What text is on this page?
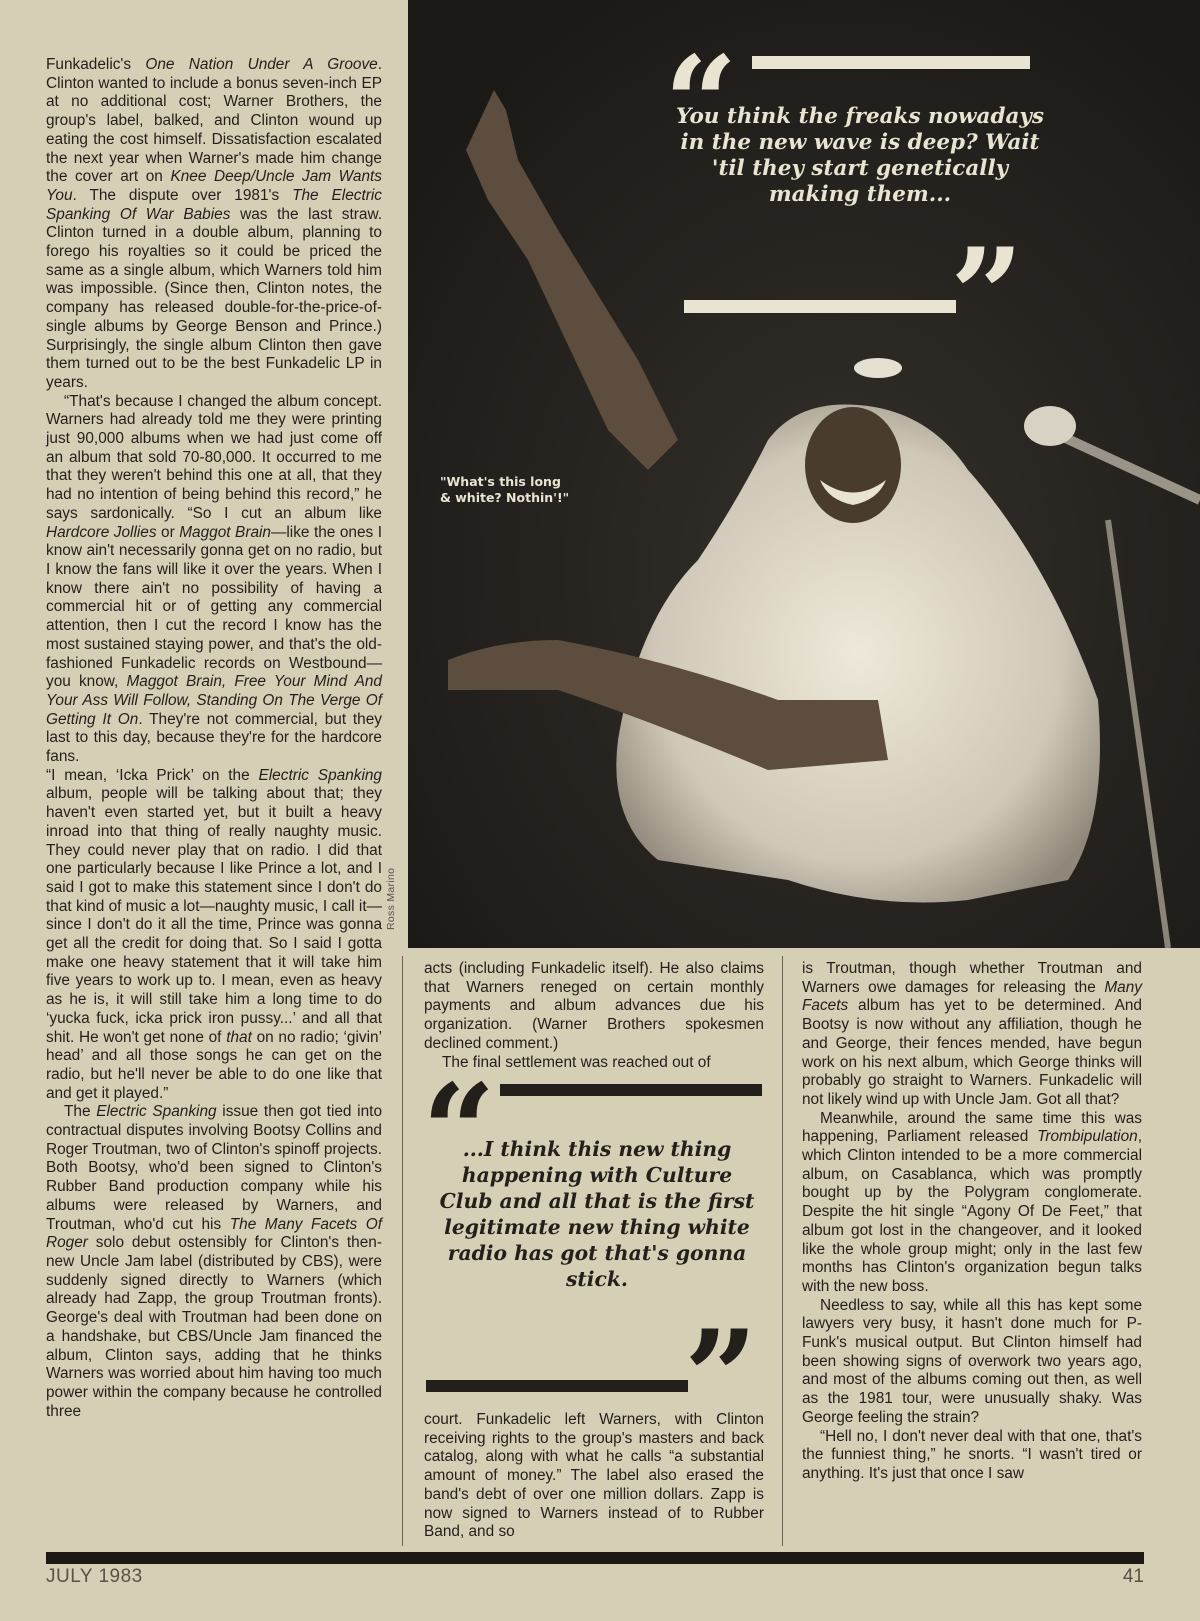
Funkadelic's One Nation Under A Groove. Clinton wanted to include a bonus seven-inch EP at no additional cost; Warner Brothers, the group's label, balked, and Clinton wound up eating the cost himself. Dissatisfaction escalated the next year when Warner's made him change the cover art on Knee Deep/Uncle Jam Wants You. The dispute over 1981's The Electric Spanking Of War Babies was the last straw. Clinton turned in a double album, planning to forego his royalties so it could be priced the same as a single album, which Warners told him was impossible. (Since then, Clinton notes, the company has released double-for-the-price-of-single albums by George Benson and Prince.) Surprisingly, the single album Clinton then gave them turned out to be the best Funkadelic LP in years.

“That's because I changed the album concept. Warners had already told me they were printing just 90,000 albums when we had just come off an album that sold 70-80,000. It occurred to me that they weren't behind this one at all, that they had no intention of being behind this record,” he says sardonically. “So I cut an album like Hardcore Jollies or Maggot Brain—like the ones I know ain't necessarily gonna get on no radio, but I know the fans will like it over the years. When I know there ain't no possibility of having a commercial hit or of getting any commercial attention, then I cut the record I know has the most sustained staying power, and that's the old-fashioned Funkadelic records on Westbound—you know, Maggot Brain, Free Your Mind And Your Ass Will Follow, Standing On The Verge Of Getting It On. They're not commercial, but they last to this day, because they're for the hardcore fans.

“I mean, ‘Icka Prick’ on the Electric Spanking album, people will be talking about that; they haven't even started yet, but it built a heavy inroad into that thing of really naughty music. They could never play that on radio. I did that one particularly because I like Prince a lot, and I said I got to make this statement since I don't do that kind of music a lot—naughty music, I call it—since I don't do it all the time, Prince was gonna get all the credit for doing that. So I said I gotta make one heavy statement that it will take him five years to work up to. I mean, even as heavy as he is, it will still take him a long time to do ‘yucka fuck, icka prick iron pussy...’ and all that shit. He won't get none of that on no radio; ‘givin’ head’ and all those songs he can get on the radio, but he'll never be able to do one like that and get it played.”

The Electric Spanking issue then got tied into contractual disputes involving Bootsy Collins and Roger Troutman, two of Clinton's spinoff projects. Both Bootsy, who'd been signed to Clinton's Rubber Band production company while his albums were released by Warners, and Troutman, who'd cut his The Many Facets Of Roger solo debut ostensibly for Clinton's then-new Uncle Jam label (distributed by CBS), were suddenly signed directly to Warners (which already had Zapp, the group Troutman fronts). George's deal with Troutman had been done on a handshake, but CBS/Uncle Jam financed the album, Clinton says, adding that he thinks Warners was worried about him having too much power within the company because he controlled three

“
You think the freaks nowadays in the new wave is deep? Wait 'til they start genetically making them...
”
"What's this long & white? Nothin'!"
Ross Marino

acts (including Funkadelic itself). He also claims that Warners reneged on certain monthly payments and album advances due his organization. (Warner Brothers spokesmen declined comment.)

The final settlement was reached out of

“
...I think this new thing happening with Culture Club and all that is the first legitimate new thing white radio has got that's gonna stick.
”

court. Funkadelic left Warners, with Clinton receiving rights to the group's masters and back catalog, along with what he calls “a substantial amount of money.” The label also erased the band's debt of over one million dollars. Zapp is now signed to Warners instead of to Rubber Band, and so

is Troutman, though whether Troutman and Warners owe damages for releasing the Many Facets album has yet to be determined. And Bootsy is now without any affiliation, though he and George, their fences mended, have begun work on his next album, which George thinks will probably go straight to Warners. Funkadelic will not likely wind up with Uncle Jam. Got all that?

Meanwhile, around the same time this was happening, Parliament released Trombipulation, which Clinton intended to be a more commercial album, on Casablanca, which was promptly bought up by the Polygram conglomerate. Despite the hit single “Agony Of De Feet,” that album got lost in the changeover, and it looked like the whole group might; only in the last few months has Clinton's organization begun talks with the new boss.

Needless to say, while all this has kept some lawyers very busy, it hasn't done much for P-Funk's musical output. But Clinton himself had been showing signs of overwork two years ago, and most of the albums coming out then, as well as the 1981 tour, were unusually shaky. Was George feeling the strain?

“Hell no, I don't never deal with that one, that's the funniest thing,” he snorts. “I wasn't tired or anything. It's just that once I saw

JULY 1983	41
